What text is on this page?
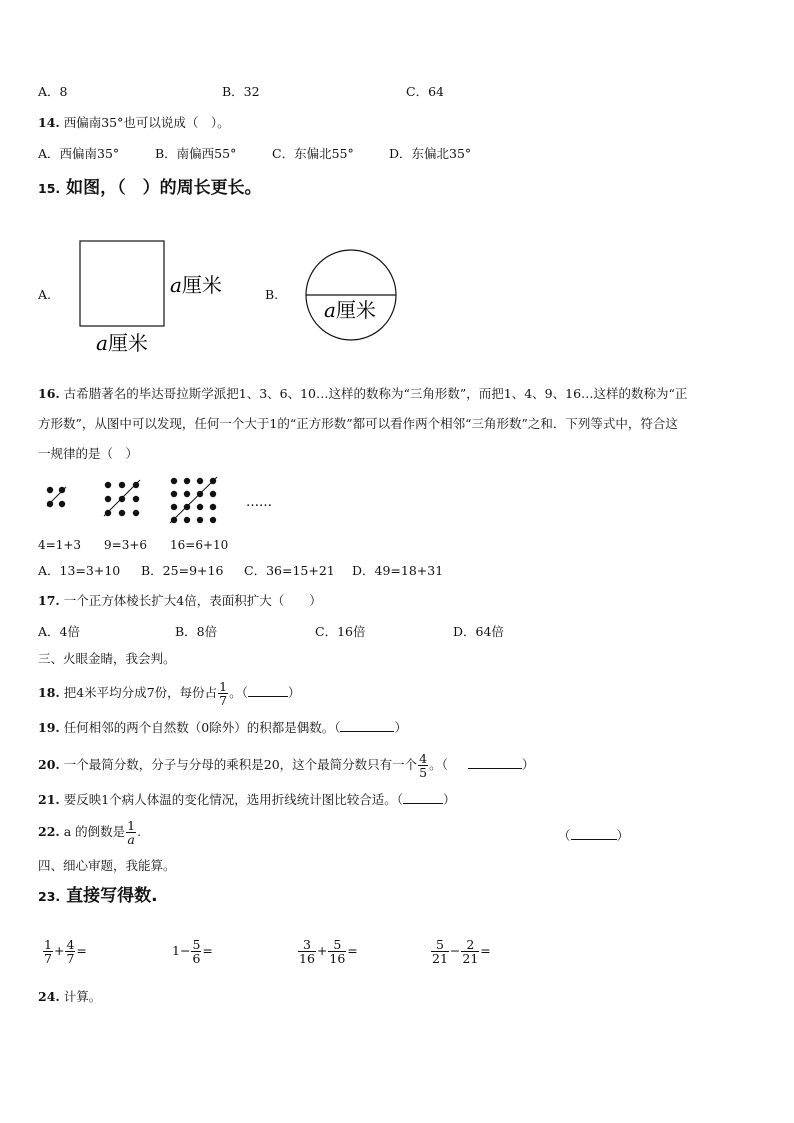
A．8	B．32	C．64
14. 西偏南35°也可以说成（　）。
A．西偏南35°	B．南偏西55°	C．东偏北55°	D．东偏北35°
15. 如图，（　）的周长更长。
A.	a厘米
a厘米
B.
a厘米
16. 古希腊著名的毕达哥拉斯学派把1、3、6、10…这样的数称为“三角形数”，而把1、4、9、16…这样的数称为“正
方形数”，从图中可以发现，任何一个大于1的“正方形数”都可以看作两个相邻“三角形数”之和．下列等式中，符合这
一规律的是（　）
……
4=1+3 9=3+6 16=6+10
A．13=3+10 B．25=9+16 C．36=15+21 D．49=18+31
17. 一个正方体棱长扩大4倍，表面积扩大（　　）
A．4倍	B．8倍	C．16倍	D．64倍
三、火眼金睛，我会判。
18. 把4米平均分成7份，每份占 $\frac{1}{7}$ 。（	）
19. 任何相邻的两个自然数（0除外）的积都是偶数。（	）
20. 一个最简分数，分子与分母的乘积是20，这个最简分数只有一个 $\frac{4}{5}$ 。（	）
21. 要反映1个病人体温的变化情况，选用折线统计图比较合适。（	）
22. a 的倒数是 $\frac{1}{a}$ .	（	）
四、细心审题，我能算。
23. 直接写得数.
$\frac{1}{7} + \frac{4}{7}$ =	$1- \frac{5}{6}$ =	$\frac{3}{16} + \frac{5}{16}$ =	$\frac{5}{21} - \frac{2}{21}$ =
24. 计算。
